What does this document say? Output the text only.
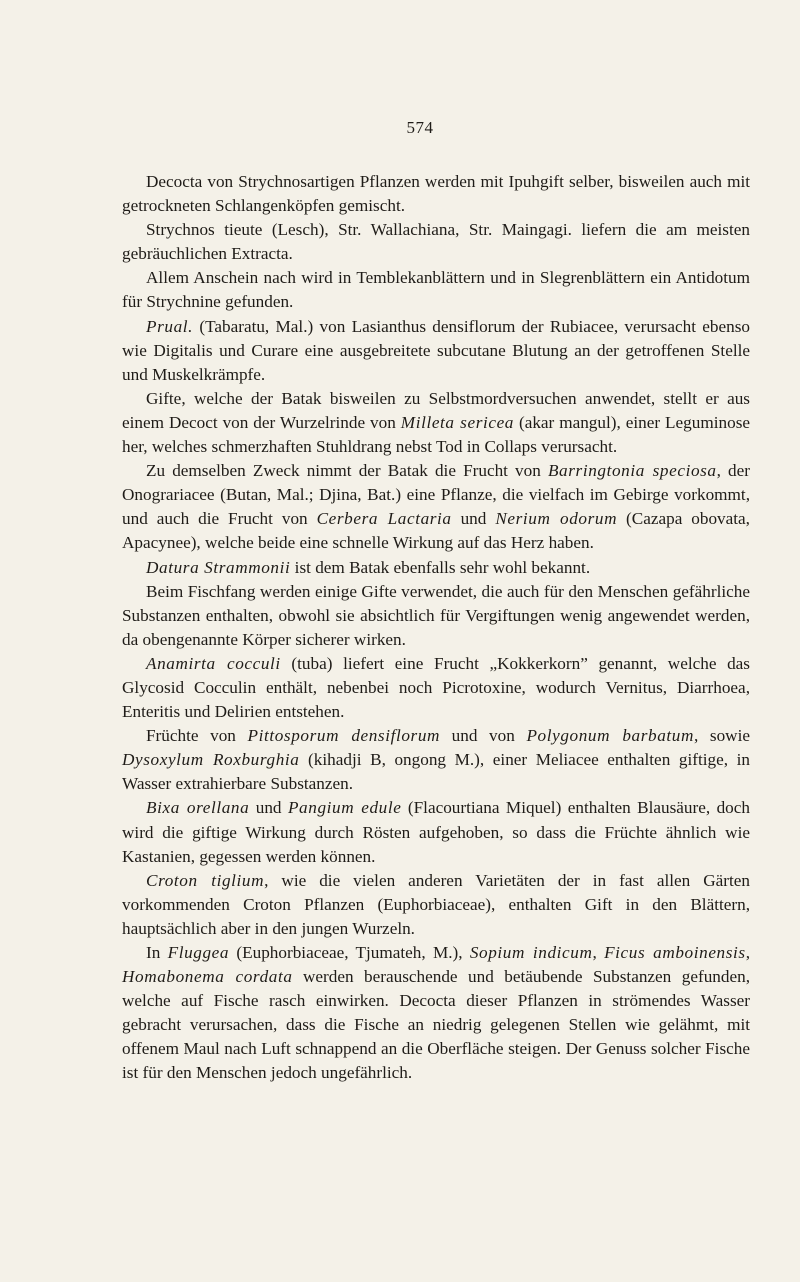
574

Decocta von Strychnosartigen Pflanzen werden mit Ipuhgift selber, bisweilen auch mit getrockneten Schlangenköpfen gemischt.

Strychnos tieute (Lesch), Str. Wallachiana, Str. Maingagi. liefern die am meisten gebräuchlichen Extracta.

Allem Anschein nach wird in Temblekanblättern und in Slegrenblättern ein Antidotum für Strychnine gefunden.

Prual. (Tabaratu, Mal.) von Lasianthus densiflorum der Rubiacee, verursacht ebenso wie Digitalis und Curare eine ausgebreitete subcutane Blutung an der getroffenen Stelle und Muskelkrämpfe.

Gifte, welche der Batak bisweilen zu Selbstmordversuchen anwendet, stellt er aus einem Decoct von der Wurzelrinde von Milleta sericea (akar mangul), einer Leguminose her, welches schmerzhaften Stuhldrang nebst Tod in Collaps verursacht.

Zu demselben Zweck nimmt der Batak die Frucht von Barringtonia speciosa, der Onograriacee (Butan, Mal.; Djina, Bat.) eine Pflanze, die vielfach im Gebirge vorkommt, und auch die Frucht von Cerbera Lactaria und Nerium odorum (Cazapa obovata, Apacynee), welche beide eine schnelle Wirkung auf das Herz haben.

Datura Strammonii ist dem Batak ebenfalls sehr wohl bekannt.

Beim Fischfang werden einige Gifte verwendet, die auch für den Menschen gefährliche Substanzen enthalten, obwohl sie absichtlich für Vergiftungen wenig angewendet werden, da obengenannte Körper sicherer wirken.

Anamirta cocculi (tuba) liefert eine Frucht „Kokkerkorn” genannt, welche das Glycosid Cocculin enthält, nebenbei noch Picrotoxine, wodurch Vernitus, Diarrhoea, Enteritis und Delirien entstehen.

Früchte von Pittosporum densiflorum und von Polygonum barbatum, sowie Dysoxylum Roxburghia (kihadji B, ongong M.), einer Meliacee enthalten giftige, in Wasser extrahierbare Substanzen.

Bixa orellana und Pangium edule (Flacourtiana Miquel) enthalten Blausäure, doch wird die giftige Wirkung durch Rösten aufgehoben, so dass die Früchte ähnlich wie Kastanien, gegessen werden können.

Croton tiglium, wie die vielen anderen Varietäten der in fast allen Gärten vorkommenden Croton Pflanzen (Euphorbiaceae), enthalten Gift in den Blättern, hauptsächlich aber in den jungen Wurzeln.

In Fluggea (Euphorbiaceae, Tjumateh, M.), Sopium indicum, Ficus amboinensis, Homabonema cordata werden berauschende und betäubende Substanzen gefunden, welche auf Fische rasch einwirken. Decocta dieser Pflanzen in strömendes Wasser gebracht verursachen, dass die Fische an niedrig gelegenen Stellen wie gelähmt, mit offenem Maul nach Luft schnappend an die Oberfläche steigen. Der Genuss solcher Fische ist für den Menschen jedoch ungefährlich.
